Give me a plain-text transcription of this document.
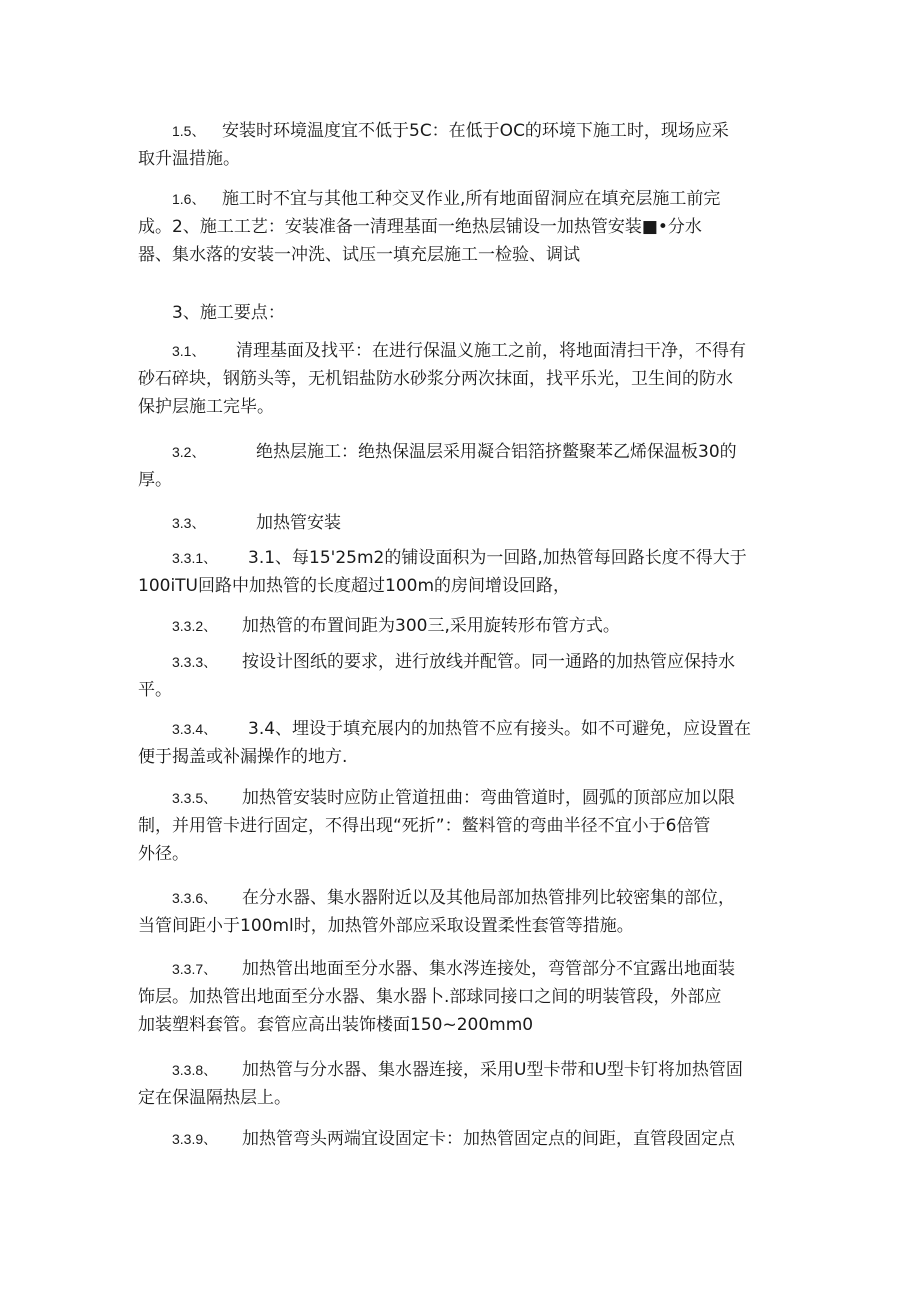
1.5、 安装时环境温度宜不低于5C：在低于OC的环境下施工时，现场应采
取升温措施。
1.6、 施工时不宜与其他工种交叉作业,所有地面留洞应在填充层施工前完
成。2、施工工艺：安装准备一清理基面一绝热层铺设一加热管安装■•分水
器、集水落的安装一冲洗、试压一填充层施工一检验、调试
3、施工要点：
3.1、 清理基面及找平：在进行保温义施工之前，将地面清扫干净，不得有
砂石碎块，钢筋头等，无机铝盐防水砂浆分两次抹面，找平乐光，卫生间的防水
保护层施工完毕。
3.2、	绝热层施工：绝热保温层采用凝合铝箔挤鳖聚苯乙烯保温板30的
厚。
3.3、	加热管安装
3.3.1、 3.1、每15'25m2的铺设面积为一回路,加热管每回路长度不得大于
100iTU回路中加热管的长度超过100m的房间增设回路，
3.3.2、 加热管的布置间距为300三,采用旋转形布管方式。
3.3.3、 按设计图纸的要求，进行放线并配管。同一通路的加热管应保持水
平。
3.3.4、 3.4、埋设于填充展内的加热管不应有接头。如不可避免，应设置在
便于揭盖或补漏操作的地方.
3.3.5、 加热管安装时应防止管道扭曲：弯曲管道时，圆弧的顶部应加以限
制，并用管卡进行固定，不得出现“死折”：鳖料管的弯曲半径不宜小于6倍管
外径。
3.3.6、 在分水器、集水器附近以及其他局部加热管排列比较密集的部位，
当管间距小于100ml时，加热管外部应采取设置柔性套管等措施。
3.3.7、 加热管出地面至分水器、集水涔连接处，弯管部分不宜露出地面装
饰层。加热管出地面至分水器、集水器卜.部球同接口之间的明装管段，外部应
加装塑料套管。套管应高出装饰楼面150~200mm0
3.3.8、 加热管与分水器、集水器连接，采用U型卡带和U型卡钉将加热管固
定在保温隔热层上。
3.3.9、 加热管弯头两端宜设固定卡：加热管固定点的间距，直管段固定点
